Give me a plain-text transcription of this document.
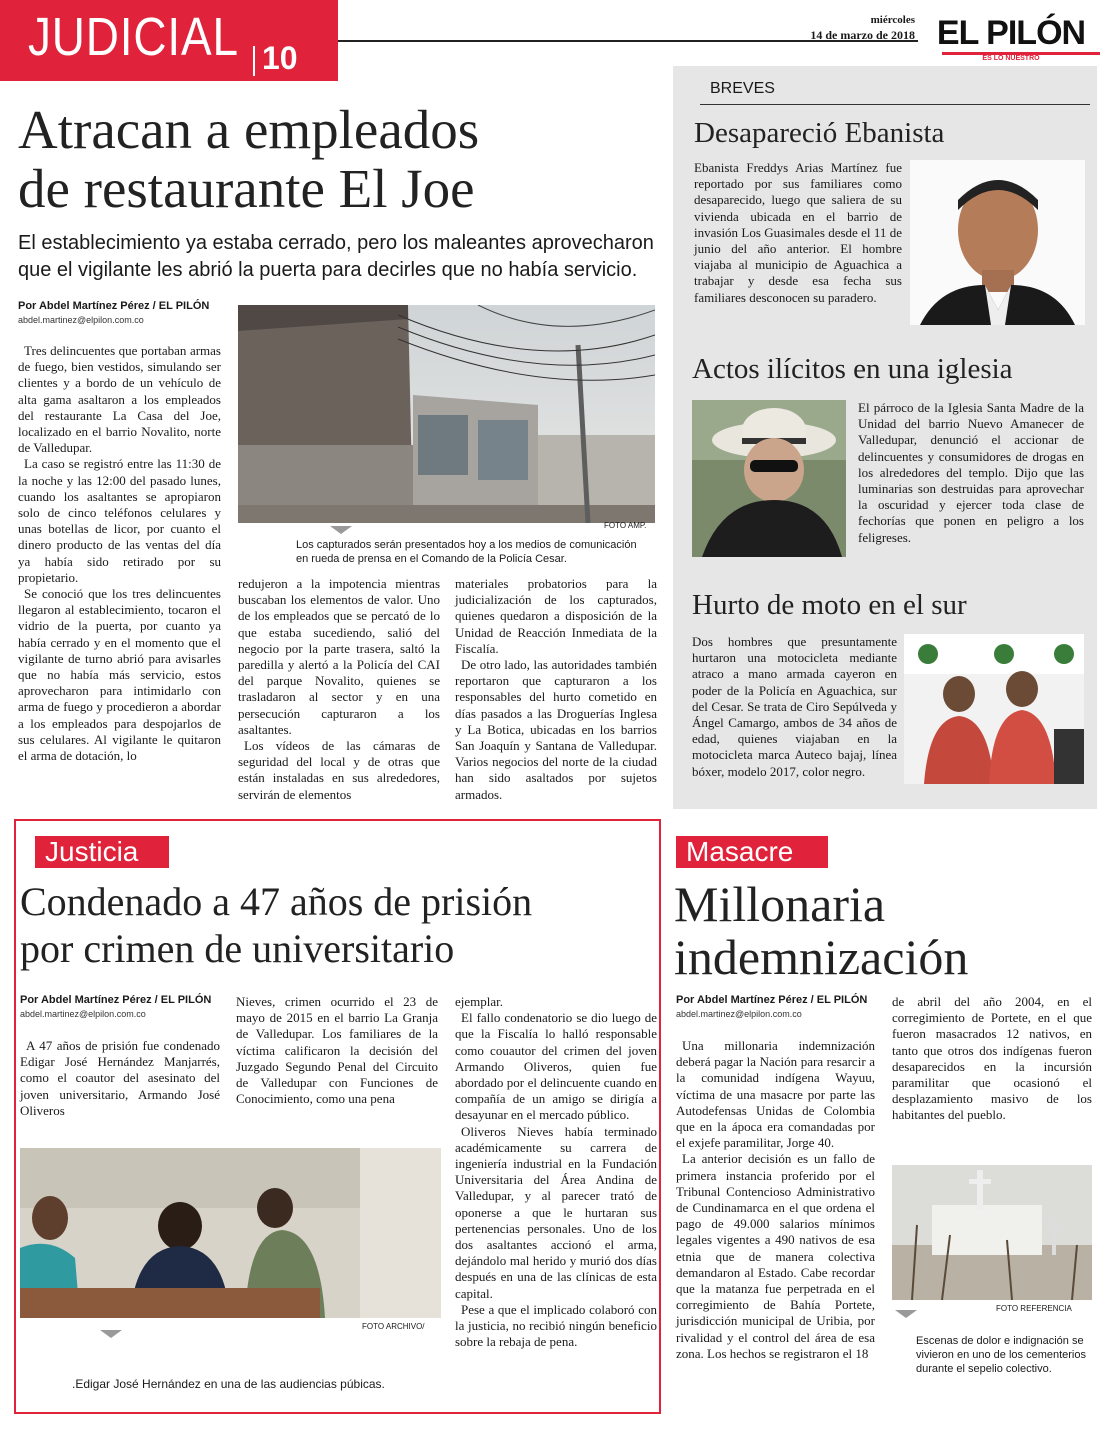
JUDICIAL 10
miércoles
14 de marzo de 2018 EL PILÓN
ES LO NUESTRO
Atracan a empleados
de restaurante El Joe
El establecimiento ya estaba cerrado, pero los maleantes aprovecharon
que el vigilante les abrió la puerta para decirles que no había servicio.
Por Abdel Martínez Pérez / EL PILÓN
abdel.martinez@elpilon.com.co
FOTO AMP.
Los capturados serán presentados hoy a los medios de comunicación en rueda de prensa en el Comando de la Policía Cesar.

Tres delincuentes que portaban armas de fuego, bien vestidos, simulando ser clientes y a bordo de un vehículo de alta gama asaltaron a los empleados del restaurante La Casa del Joe, localizado en el barrio Novalito, norte de Valledupar.

La caso se registró entre las 11:30 de la noche y las 12:00 del pasado lunes, cuando los asaltantes se apropiaron solo de cinco teléfonos celulares y unas botellas de licor, por cuanto el dinero producto de las ventas del día ya había sido retirado por su propietario.

Se conoció que los tres delincuentes llegaron al establecimiento, tocaron el vidrio de la puerta, por cuanto ya había cerrado y en el momento que el vigilante de turno abrió para avisarles que no había más servicio, estos aprovecharon para intimidarlo con arma de fuego y procedieron a abordar a los empleados para despojarlos de sus celulares. Al vigilante le quitaron el arma de dotación, lo

redujeron a la impotencia mientras buscaban los elementos de valor. Uno de los empleados que se percató de lo que estaba sucediendo, salió del negocio por la parte trasera, saltó la paredilla y alertó a la Policía del CAI del parque Novalito, quienes se trasladaron al sector y en una persecución capturaron a los asaltantes.

Los vídeos de las cámaras de seguridad del local y de otras que están instaladas en sus alrededores, servirán de elementos

materiales probatorios para la judicialización de los capturados, quienes quedaron a disposición de la Unidad de Reacción Inmediata de la Fiscalía.

De otro lado, las autoridades también reportaron que capturaron a los responsables del hurto cometido en días pasados a las Droguerías Inglesa y La Botica, ubicadas en los barrios San Joaquín y Santana de Valledupar. Varios negocios del norte de la ciudad han sido asaltados por sujetos armados.

BREVES
Desapareció Ebanista
Ebanista Freddys Arias Martínez fue reportado por sus familiares como desaparecido, luego que saliera de su vivienda ubicada en el barrio de invasión Los Guasimales desde el 11 de junio del año anterior. El hombre viajaba al municipio de Aguachica a trabajar y desde esa fecha sus familiares desconocen su paradero.
Actos ilícitos en una iglesia
El párroco de la Iglesia Santa Madre de la Unidad del barrio Nuevo Amanecer de Valledupar, denunció el accionar de delincuentes y consumidores de drogas en los alrededores del templo. Dijo que las luminarias son destruidas para aprovechar la oscuridad y ejercer toda clase de fechorías que ponen en peligro a los feligreses.
Hurto de moto en el sur
Dos hombres que presuntamente hurtaron una motocicleta mediante atraco a mano armada cayeron en poder de la Policía en Aguachica, sur del Cesar. Se trata de Ciro Sepúlveda y Ángel Camargo, ambos de 34 años de edad, quienes viajaban en la motocicleta marca Auteco bajaj, línea bóxer, modelo 2017, color negro.
Justicia
Condenado a 47 años de prisión
por crimen de universitario
Por Abdel Martínez Pérez / EL PILÓN
abdel.martinez@elpilon.com.co

A 47 años de prisión fue condenado Edigar José Hernández Manjarrés, como el coautor del asesinato del joven universitario, Armando José Oliveros

Nieves, crimen ocurrido el 23 de mayo de 2015 en el barrio La Granja de Valledupar. Los familiares de la víctima calificaron la decisión del Juzgado Segundo Penal del Circuito de Valledupar con Funciones de Conocimiento, como una pena

ejemplar.

El fallo condenatorio se dio luego de que la Fiscalía lo halló responsable como couautor del crimen del joven Armando Oliveros, quien fue abordado por el delincuente cuando en compañía de un amigo se dirigía a desayunar en el mercado público.

Oliveros Nieves había terminado académicamente su carrera de ingeniería industrial en la Fundación Universitaria del Área Andina de Valledupar, y al parecer trató de oponerse a que le hurtaran sus pertenencias personales. Uno de los dos asaltantes accionó el arma, dejándolo mal herido y murió dos días después en una de las clínicas de esta capital.

Pese a que el implicado colaboró con la justicia, no recibió ningún beneficio sobre la rebaja de pena.

FOTO ARCHIVO/
.Edigar José Hernández en una de las audiencias púbicas.
Masacre
Millonaria
indemnización
Por Abdel Martínez Pérez / EL PILÓN
abdel.martinez@elpilon.com.co

Una millonaria indemnización deberá pagar la Nación para resarcir a la comunidad indígena Wayuu, víctima de una masacre por parte las Autodefensas Unidas de Colombia que en la ápoca era comandadas por el exjefe paramilitar, Jorge 40.

La anterior decisión es un fallo de primera instancia proferido por el Tribunal Contencioso Administrativo de Cundinamarca en el que ordena el pago de 49.000 salarios mínimos legales vigentes a 490 nativos de esa etnia que de manera colectiva demandaron al Estado. Cabe recordar que la matanza fue perpetrada en el corregimiento de Bahía Portete, jurisdicción municipal de Uribia, por rivalidad y el control del área de esa zona. Los hechos se registraron el 18

de abril del año 2004, en el corregimiento de Portete, en el que fueron masacrados 12 nativos, en tanto que otros dos indígenas fueron desaparecidos en la incursión paramilitar que ocasionó el desplazamiento masivo de los habitantes del pueblo.

FOTO REFERENCIA
Escenas de dolor e indignación se vivieron en uno de los cementerios durante el sepelio colectivo.
